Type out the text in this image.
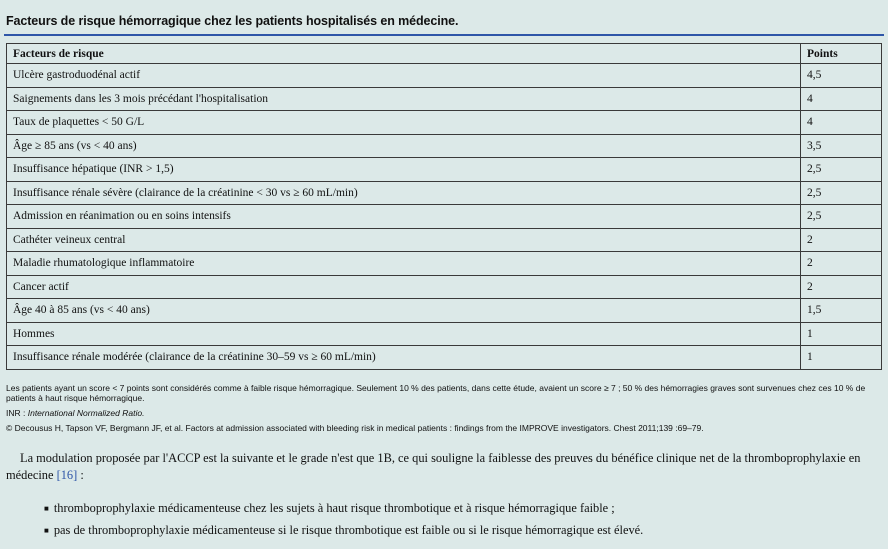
Facteurs de risque hémorragique chez les patients hospitalisés en médecine.
Facteurs de risque	Points
Ulcère gastroduodénal actif	4,5
Saignements dans les 3 mois précédant l'hospitalisation	4
Taux de plaquettes < 50 G/L	4
Âge ≥ 85 ans (vs < 40 ans)	3,5
Insuffisance hépatique (INR > 1,5)	2,5
Insuffisance rénale sévère (clairance de la créatinine < 30 vs ≥ 60 mL/min)	2,5
Admission en réanimation ou en soins intensifs	2,5
Cathéter veineux central	2
Maladie rhumatologique inflammatoire	2
Cancer actif	2
Âge 40 à 85 ans (vs < 40 ans)	1,5
Hommes	1
Insuffisance rénale modérée (clairance de la créatinine 30–59 vs ≥ 60 mL/min)	1

Les patients ayant un score < 7 points sont considérés comme à faible risque hémorragique. Seulement 10 % des patients, dans cette étude, avaient un score ≥ 7 ; 50 % des hémorragies graves sont survenues chez ces 10 % de patients à haut risque hémorragique.

INR : International Normalized Ratio.

© Decousus H, Tapson VF, Bergmann JF, et al. Factors at admission associated with bleeding risk in medical patients : findings from the IMPROVE investigators. Chest 2011;139 :69–79.

La modulation proposée par l'ACCP est la suivante et le grade n'est que 1B, ce qui souligne la faiblesse des preuves du bénéfice clinique net de la thromboprophylaxie en médecine [16] :

■ thromboprophylaxie médicamenteuse chez les sujets à haut risque thrombotique et à risque hémorragique faible ;
■ pas de thromboprophylaxie médicamenteuse si le risque thrombotique est faible ou si le risque hémorragique est élevé.
